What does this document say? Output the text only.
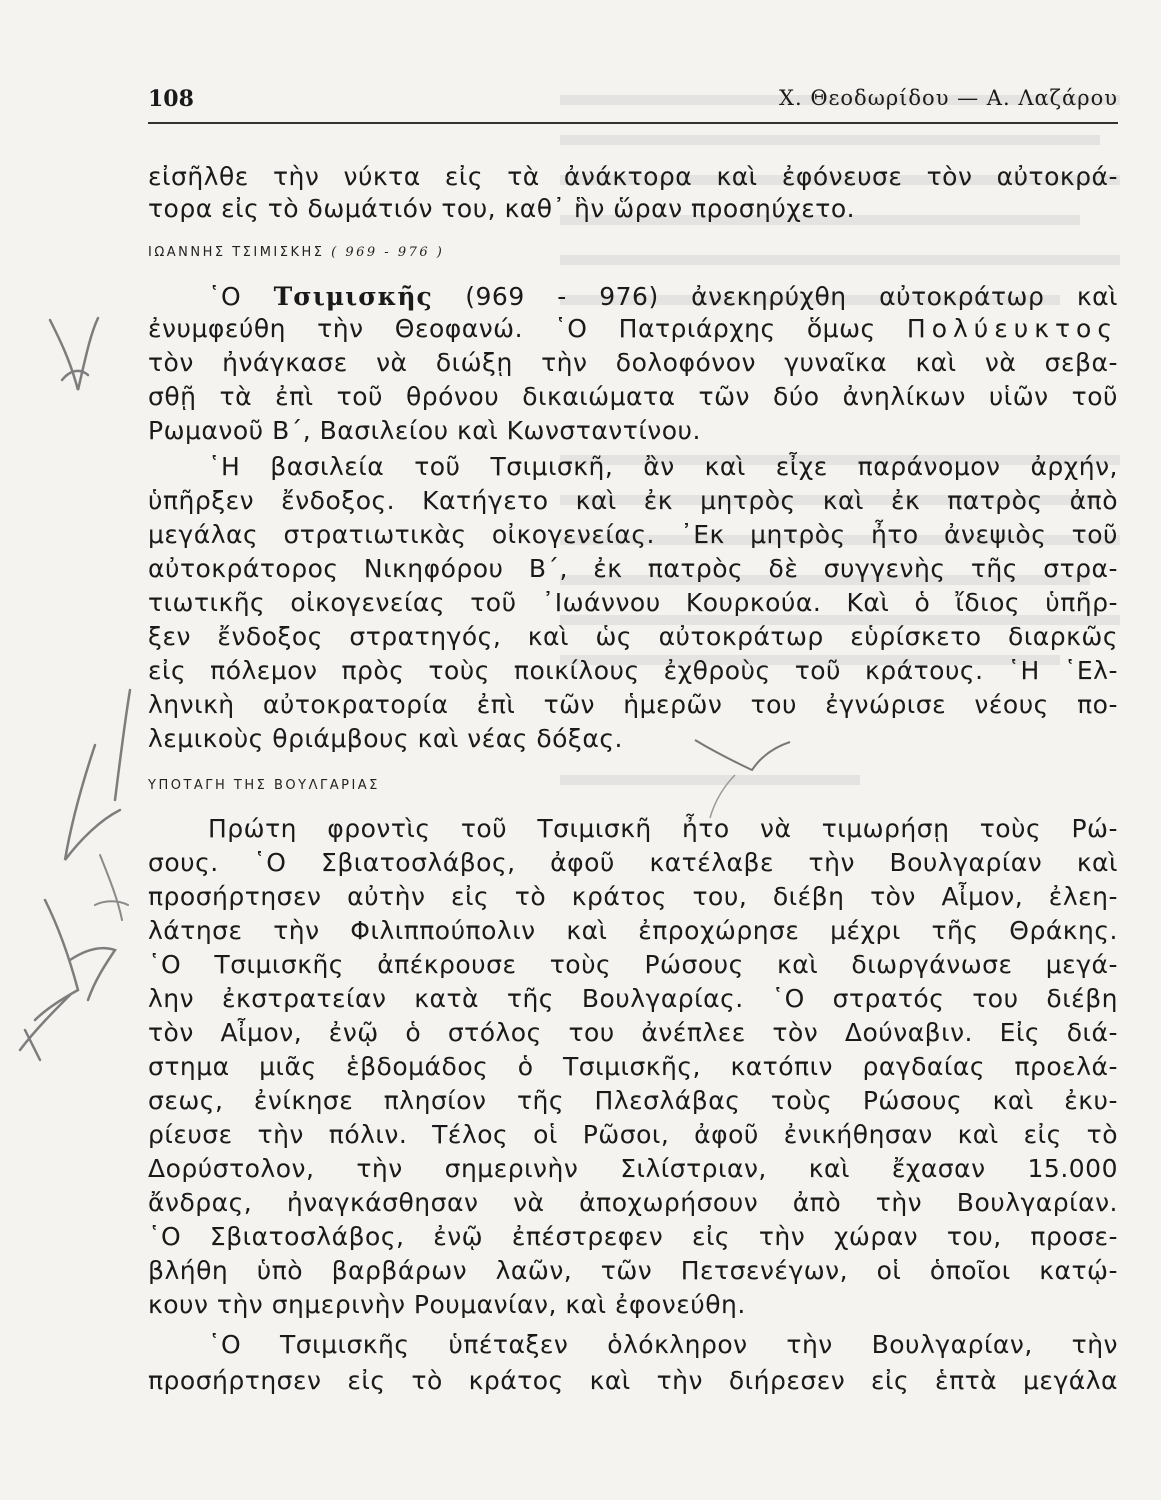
108	Χ. Θεοδωρίδου — Α. Λαζάρου
εἰσῆλθε τὴν νύκτα εἰς τὰ ἀνάκτορα καὶ ἐφόνευσε τὸν αὐτοκρά-
τορα εἰς τὸ δωμάτιόν του, καθ᾿ ἣν ὥραν προσηύχετο.
ΙΩΑΝΝΗΣ ΤΣΙΜΙΣΚΗΣ ( 969 - 976 )
῾Ο Τσιμισκῆς (969 - 976) ἀνεκηρύχθη αὐτοκράτωρ καὶ
ἐνυμφεύθη τὴν Θεοφανώ. ῾Ο Πατριάρχης ὅμως Πολύευκτος
τὸν ἠνάγκασε νὰ διώξῃ τὴν δολοφόνον γυναῖκα καὶ νὰ σεβα-
σθῇ τὰ ἐπὶ τοῦ θρόνου δικαιώματα τῶν δύο ἀνηλίκων υἱῶν τοῦ
Ρωμανοῦ Β΄, Βασιλείου καὶ Κωνσταντίνου.
῾Η βασιλεία τοῦ Τσιμισκῆ, ἂν καὶ εἶχε παράνομον ἀρχήν,
ὑπῆρξεν ἔνδοξος. Κατήγετο καὶ ἐκ μητρὸς καὶ ἐκ πατρὸς ἀπὸ
μεγάλας στρατιωτικὰς οἰκογενείας. ᾿Εκ μητρὸς ἦτο ἀνεψιὸς τοῦ
αὐτοκράτορος Νικηφόρου Β΄, ἐκ πατρὸς δὲ συγγενὴς τῆς στρα-
τιωτικῆς οἰκογενείας τοῦ ᾿Ιωάννου Κουρκούα. Καὶ ὁ ἴδιος ὑπῆρ-
ξεν ἔνδοξος στρατηγός, καὶ ὡς αὐτοκράτωρ εὑρίσκετο διαρκῶς
εἰς πόλεμον πρὸς τοὺς ποικίλους ἐχθροὺς τοῦ κράτους. ῾Η ῾Ελ-
ληνικὴ αὐτοκρατορία ἐπὶ τῶν ἡμερῶν του ἐγνώρισε νέους πο-
λεμικοὺς θριάμβους καὶ νέας δόξας.
ΥΠΟΤΑΓΗ ΤΗΣ ΒΟΥΛΓΑΡΙΑΣ
Πρώτη φροντὶς τοῦ Τσιμισκῆ ἦτο νὰ τιμωρήσῃ τοὺς Ρώ-
σους. ῾Ο Σβιατοσλάβος, ἀφοῦ κατέλαβε τὴν Βουλγαρίαν καὶ
προσήρτησεν αὐτὴν εἰς τὸ κράτος του, διέβη τὸν Αἶμον, ἐλεη-
λάτησε τὴν Φιλιππούπολιν καὶ ἐπροχώρησε μέχρι τῆς Θράκης.
῾Ο Τσιμισκῆς ἀπέκρουσε τοὺς Ρώσους καὶ διωργάνωσε μεγά-
λην ἐκστρατείαν κατὰ τῆς Βουλγαρίας. ῾Ο στρατός του διέβη
τὸν Αἶμον, ἐνῷ ὁ στόλος του ἀνέπλεε τὸν Δούναβιν. Εἰς διά-
στημα μιᾶς ἑβδομάδος ὁ Τσιμισκῆς, κατόπιν ραγδαίας προελά-
σεως, ἐνίκησε πλησίον τῆς Πλεσλάβας τοὺς Ρώσους καὶ ἐκυ-
ρίευσε τὴν πόλιν. Τέλος οἱ Ρῶσοι, ἀφοῦ ἐνικήθησαν καὶ εἰς τὸ
Δορύστολον, τὴν σημερινὴν Σιλίστριαν, καὶ ἔχασαν 15.000
ἄνδρας, ἠναγκάσθησαν νὰ ἀποχωρήσουν ἀπὸ τὴν Βουλγαρίαν.
῾Ο Σβιατοσλάβος, ἐνῷ ἐπέστρεφεν εἰς τὴν χώραν του, προσε-
βλήθη ὑπὸ βαρβάρων λαῶν, τῶν Πετσενέγων, οἱ ὁποῖοι κατῴ-
κουν τὴν σημερινὴν Ρουμανίαν, καὶ ἐφονεύθη.
῾Ο Τσιμισκῆς ὑπέταξεν ὁλόκληρον τὴν Βουλγαρίαν, τὴν
προσήρτησεν εἰς τὸ κράτος καὶ τὴν διήρεσεν εἰς ἑπτὰ μεγάλα
